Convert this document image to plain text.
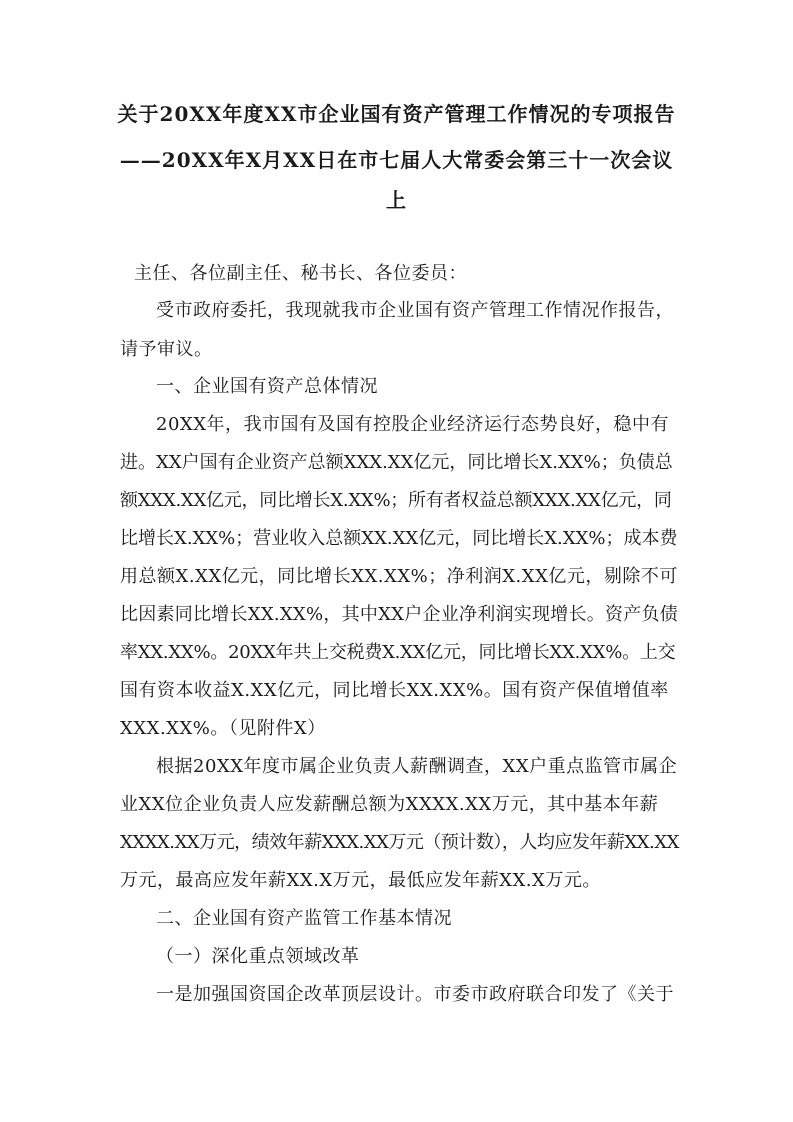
关于20XX年度XX市企业国有资产管理工作情况的专项报告
——20XX年X月XX日在市七届人大常委会第三十一次会议
上
主任、各位副主任、秘书长、各位委员：
受市政府委托，我现就我市企业国有资产管理工作情况作报告，
请予审议。
一、企业国有资产总体情况
20XX年，我市国有及国有控股企业经济运行态势良好，稳中有
进。XX户国有企业资产总额XXX.XX亿元，同比增长X.XX%；负债总
额XXX.XX亿元，同比增长X.XX%；所有者权益总额XXX.XX亿元，同
比增长X.XX%；营业收入总额XX.XX亿元，同比增长X.XX%；成本费
用总额X.XX亿元，同比增长XX.XX%；净利润X.XX亿元，剔除不可
比因素同比增长XX.XX%，其中XX户企业净利润实现增长。资产负债
率XX.XX%。20XX年共上交税费X.XX亿元，同比增长XX.XX%。上交
国有资本收益X.XX亿元，同比增长XX.XX%。国有资产保值增值率
XXX.XX%。（见附件X）
根据20XX年度市属企业负责人薪酬调查，XX户重点监管市属企
业XX位企业负责人应发薪酬总额为XXXX.XX万元，其中基本年薪
XXXX.XX万元，绩效年薪XXX.XX万元（预计数），人均应发年薪XX.XX
万元，最高应发年薪XX.X万元，最低应发年薪XX.X万元。
二、企业国有资产监管工作基本情况
（一）深化重点领域改革
一是加强国资国企改革顶层设计。市委市政府联合印发了《关于
